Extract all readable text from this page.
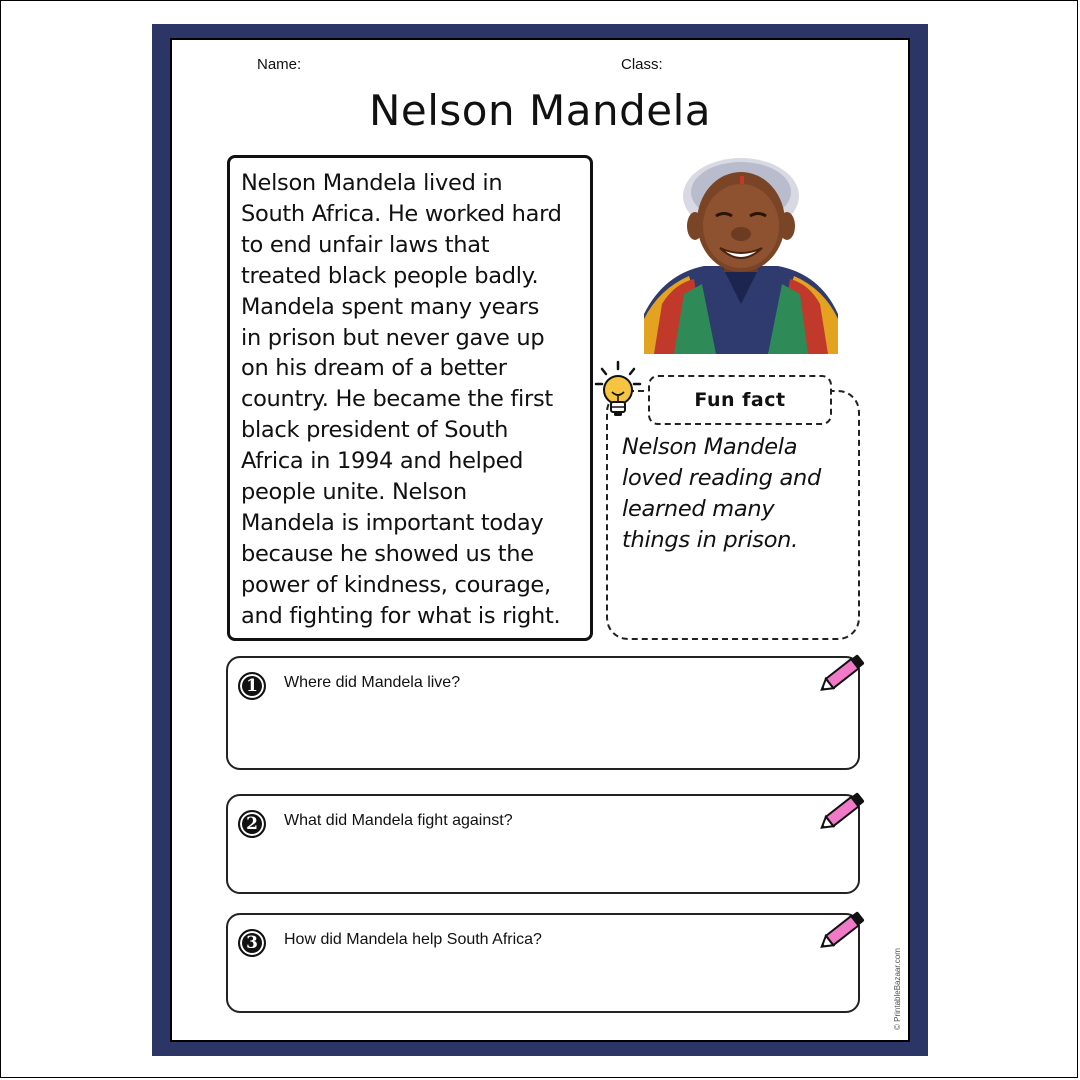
Name:	Class:
Nelson Mandela

Nelson Mandela lived in
South Africa. He worked hard
to end unfair laws that
treated black people badly.
Mandela spent many years
in prison but never gave up
on his dream of a better
country. He became the first
black president of South
Africa in 1994 and helped
people unite. Nelson
Mandela is important today
because he showed us the
power of kindness, courage,
and fighting for what is right.

Fun fact

Nelson Mandela
loved reading and
learned many
things in prison.

1	Where did Mandela live?
2	What did Mandela fight against?
3	How did Mandela help South Africa?
© PrintableBazaar.com
